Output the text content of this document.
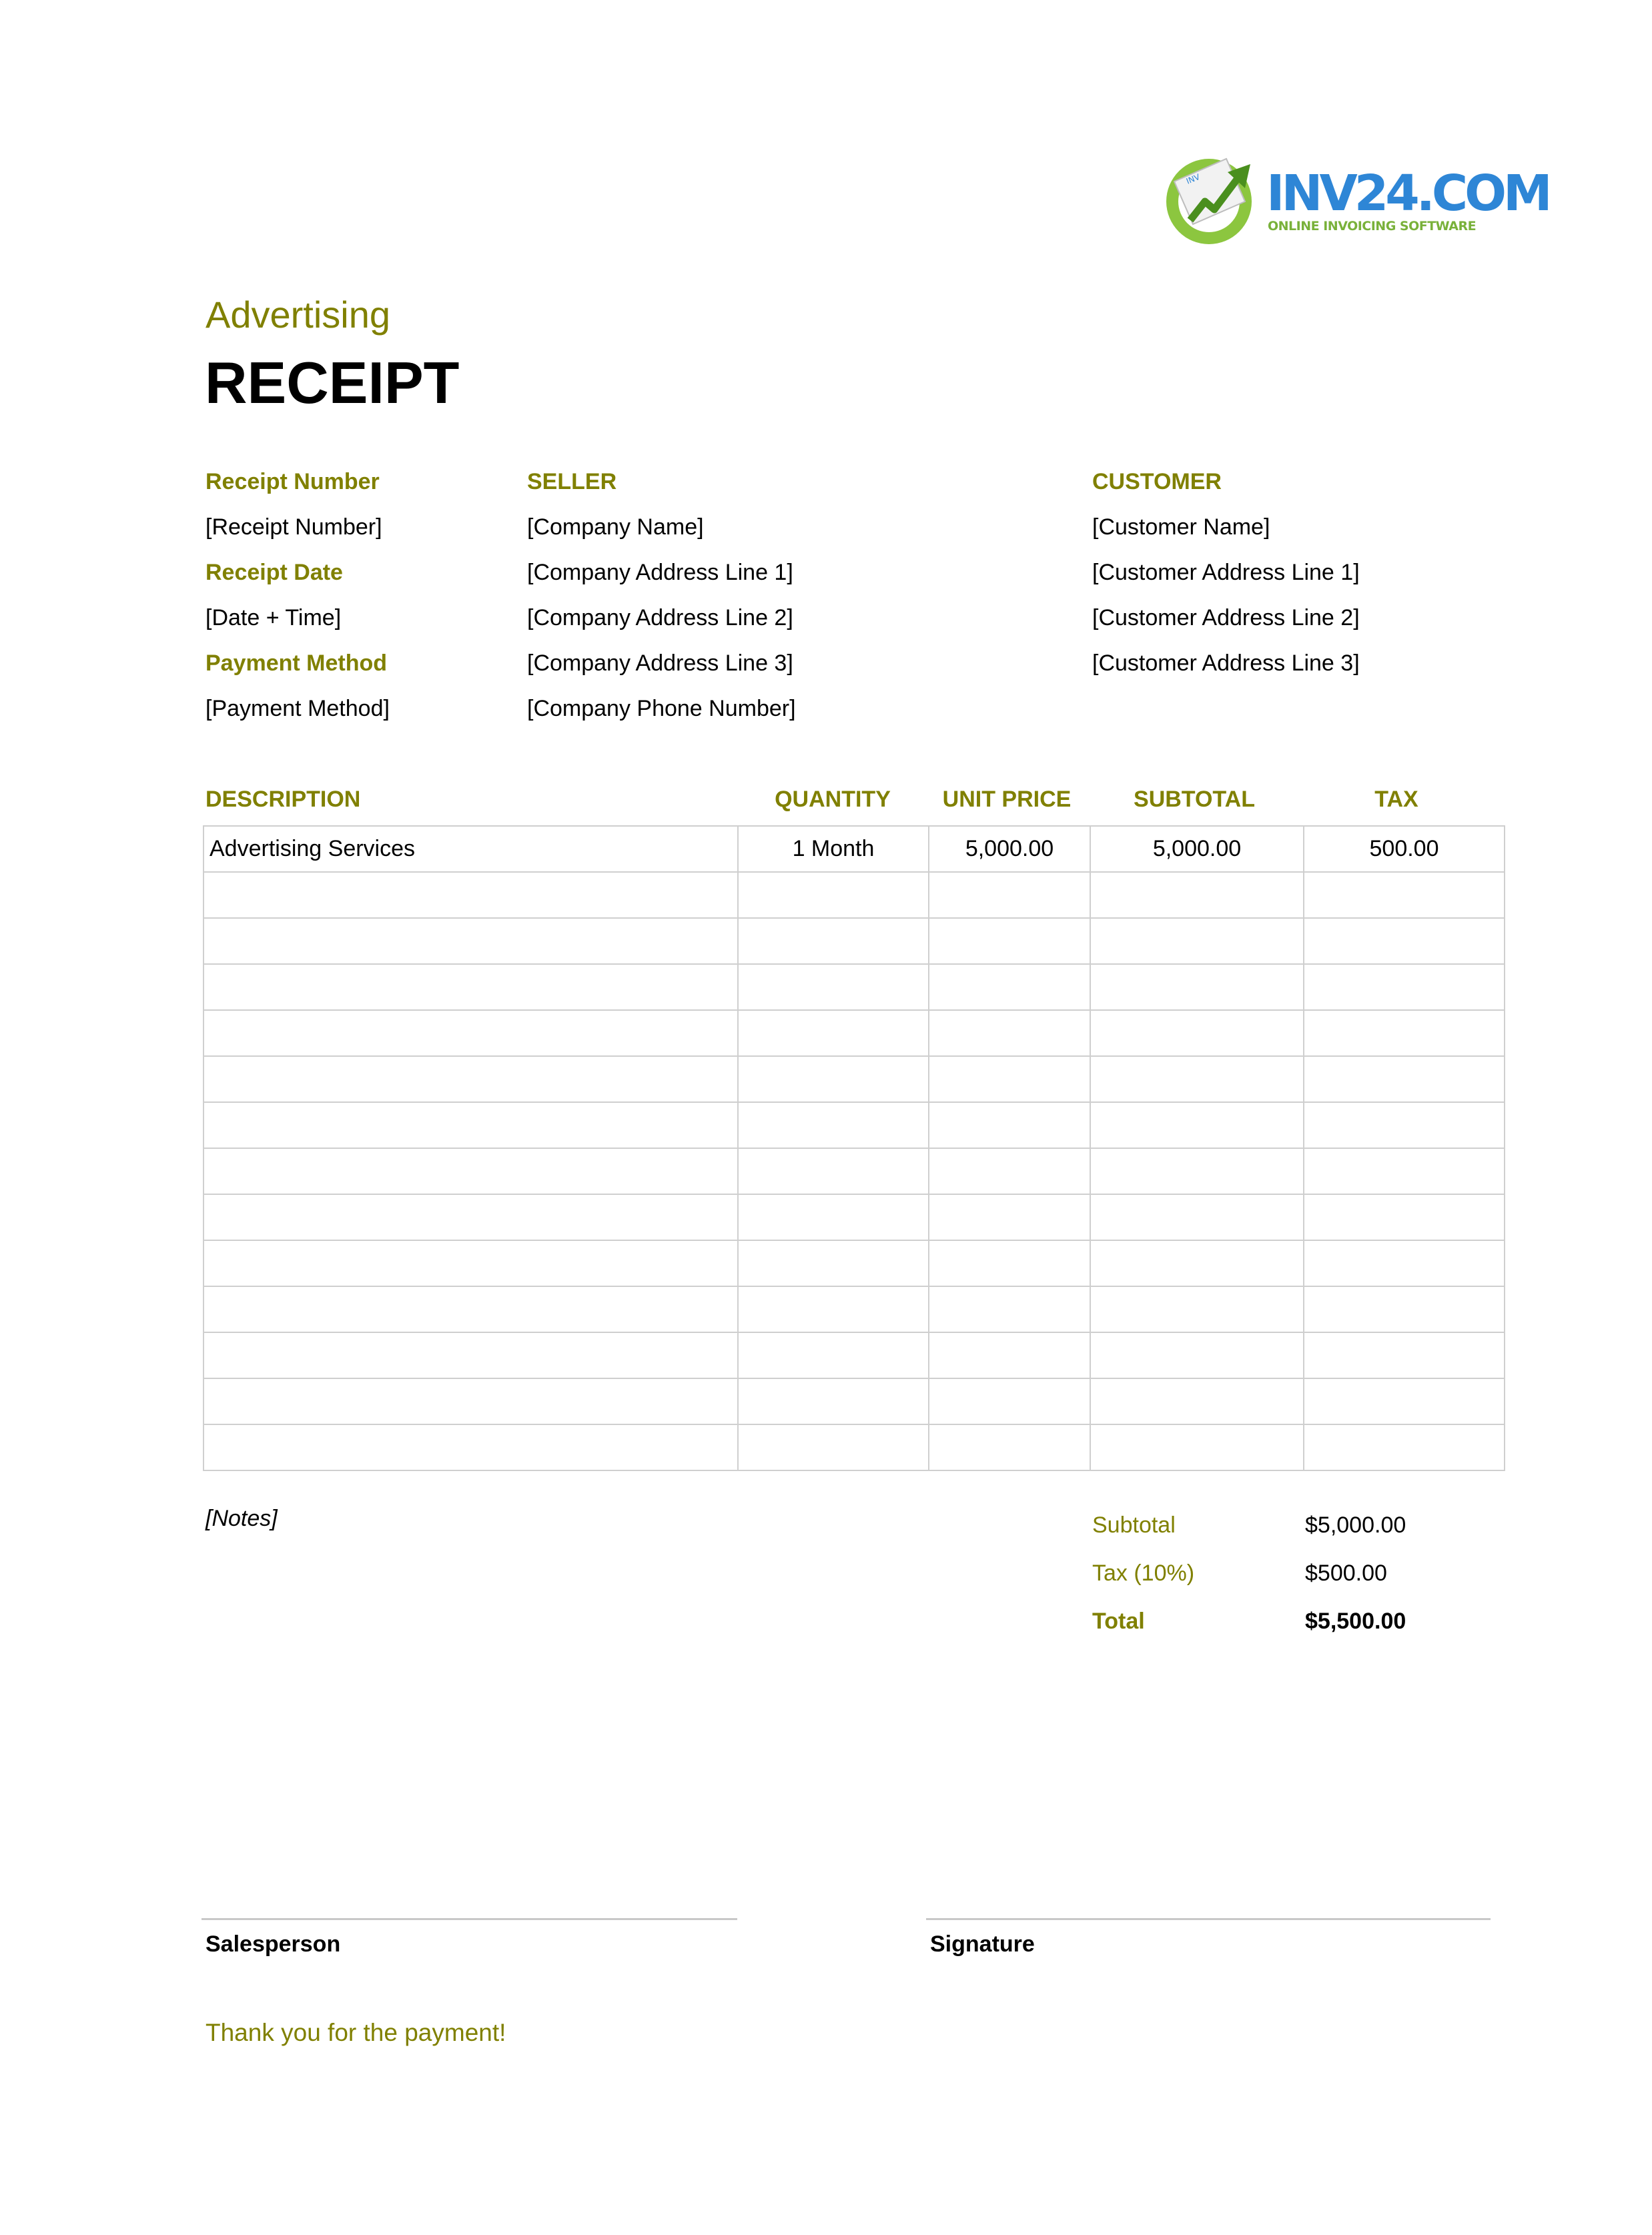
INV INV24.COM
ONLINE INVOICING SOFTWARE
Advertising
RECEIPT
Receipt Number
[Receipt Number]
Receipt Date
[Date + Time]
Payment Method
[Payment Method]
SELLER
[Company Name]
[Company Address Line 1]
[Company Address Line 2]
[Company Address Line 3]
[Company Phone Number]
CUSTOMER
[Customer Name]
[Customer Address Line 1]
[Customer Address Line 2]
[Customer Address Line 3]
DESCRIPTION	QUANTITY	UNIT PRICE	SUBTOTAL	TAX
Advertising Services	1 Month	5,000.00	5,000.00	500.00

[Notes]	Subtotal	$5,000.00
Tax (10%)	$500.00
Total	$5,500.00
Salesperson	Signature
Thank you for the payment!
